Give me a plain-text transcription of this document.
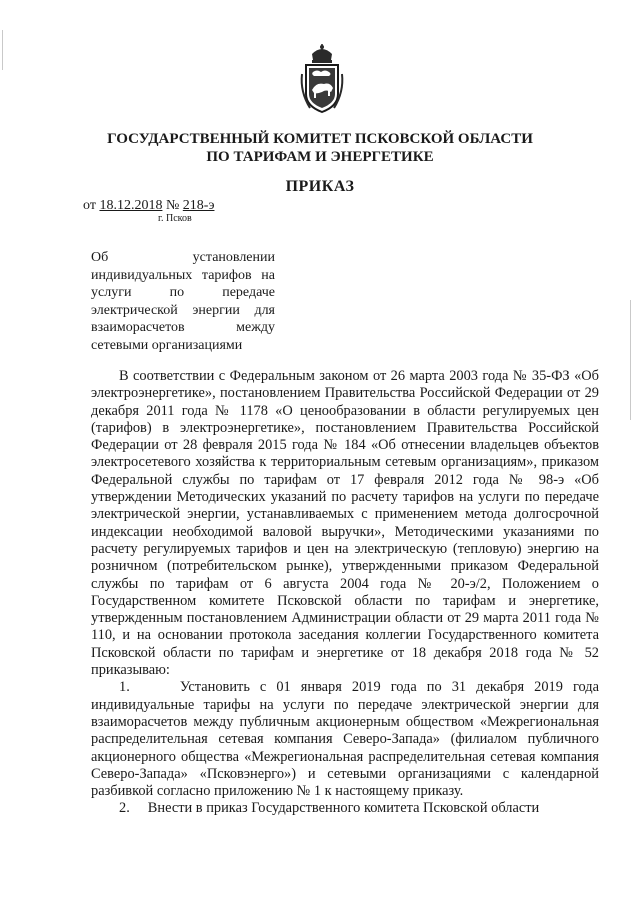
ГОСУДАРСТВЕННЫЙ КОМИТЕТ ПСКОВСКОЙ ОБЛАСТИ
ПО ТАРИФАМ И ЭНЕРГЕТИКЕ
ПРИКАЗ
от 18.12.2018 № 218-э
г. Псков
Об установлении индивидуальных тарифов на услуги по передаче электрической энергии для взаиморасчетов между сетевыми организациями

В соответствии с Федеральным законом от 26 марта 2003 года № 35-ФЗ «Об электроэнергетике», постановлением Правительства Российской Федерации от 29 декабря 2011 года № 1178 «О ценообразовании в области регулируемых цен (тарифов) в электроэнергетике», постановлением Правительства Российской Федерации от 28 февраля 2015 года № 184 «Об отнесении владельцев объектов электросетевого хозяйства к территориальным сетевым организациям», приказом Федеральной службы по тарифам от 17 февраля 2012 года № 98-э «Об утверждении Методических указаний по расчету тарифов на услуги по передаче электрической энергии, устанавливаемых с применением метода долгосрочной индексации необходимой валовой выручки», Методическими указаниями по расчету регулируемых тарифов и цен на электрическую (тепловую) энергию на розничном (потребительском рынке), утвержденными приказом Федеральной службы по тарифам от 6 августа 2004 года № 20-э/2, Положением о Государственном комитете Псковской области по тарифам и энергетике, утвержденным постановлением Администрации области от 29 марта 2011 года № 110, и на основании протокола заседания коллегии Государственного комитета Псковской области по тарифам и энергетике от 18 декабря 2018 года № 52 приказываю:

1.     Установить с 01 января 2019 года по 31 декабря 2019 года индивидуальные тарифы на услуги по передаче электрической энергии для взаиморасчетов между публичным акционерным обществом «Межрегиональная распределительная сетевая компания Северо-Запада» (филиалом публичного акционерного общества «Межрегиональная распределительная сетевая компания Северо-Запада» «Псковэнерго») и сетевыми организациями с календарной разбивкой согласно приложению № 1 к настоящему приказу.

2.     Внести в приказ Государственного комитета Псковской области
